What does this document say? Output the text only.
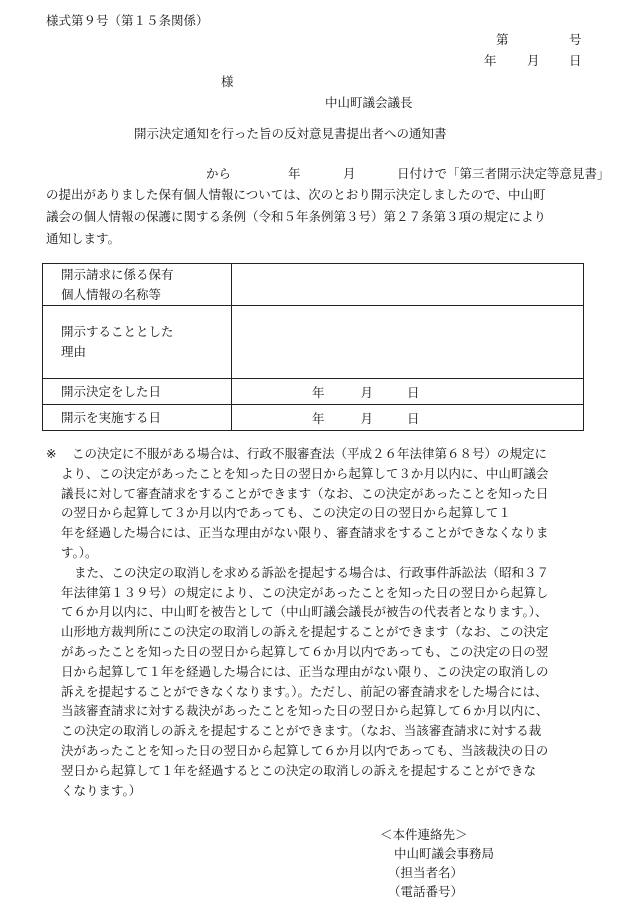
様式第９号（第１５条関係）
第	号
年 月 日
様
中山町議会議長
開示決定通知を行った旨の反対意見書提出者への通知書
から	年	月	日付けで「第三者開示決定等意見書」
の提出がありました保有個人情報については、次のとおり開示決定しましたので、中山町
議会の個人情報の保護に関する条例（令和５年条例第３号）第２７条第３項の規定により
通知します。
開示請求に係る保有
個人情報の名称等	

開示することとした
理由	

開示決定をした日	年 月 日
開示を実施する日	年 月 日
※	この決定に不服がある場合は、行政不服審査法（平成２６年法律第６８号）の規定に
より、この決定があったことを知った日の翌日から起算して３か月以内に、中山町議会
議長に対して審査請求をすることができます（なお、この決定があったことを知った日
の翌日から起算して３か月以内であっても、この決定の日の翌日から起算して１
年を経過した場合には、正当な理由がない限り、審査請求をすることができなくなりま
す。）。
また、この決定の取消しを求める訴訟を提起する場合は、行政事件訴訟法（昭和３７
年法律第１３９号）の規定により、この決定があったことを知った日の翌日から起算し
て６か月以内に、中山町を被告として（中山町議会議長が被告の代表者となります。）、
山形地方裁判所にこの決定の取消しの訴えを提起することができます（なお、この決定
があったことを知った日の翌日から起算して６か月以内であっても、この決定の日の翌
日から起算して１年を経過した場合には、正当な理由がない限り、この決定の取消しの
訴えを提起することができなくなります。）。ただし、前記の審査請求をした場合には、
当該審査請求に対する裁決があったことを知った日の翌日から起算して６か月以内に、
この決定の取消しの訴えを提起することができます。（なお、当該審査請求に対する裁
決があったことを知った日の翌日から起算して６か月以内であっても、当該裁決の日の
翌日から起算して１年を経過するとこの決定の取消しの訴えを提起することができな
くなります。）
＜本件連絡先＞
中山町議会事務局
（担当者名）
（電話番号）
